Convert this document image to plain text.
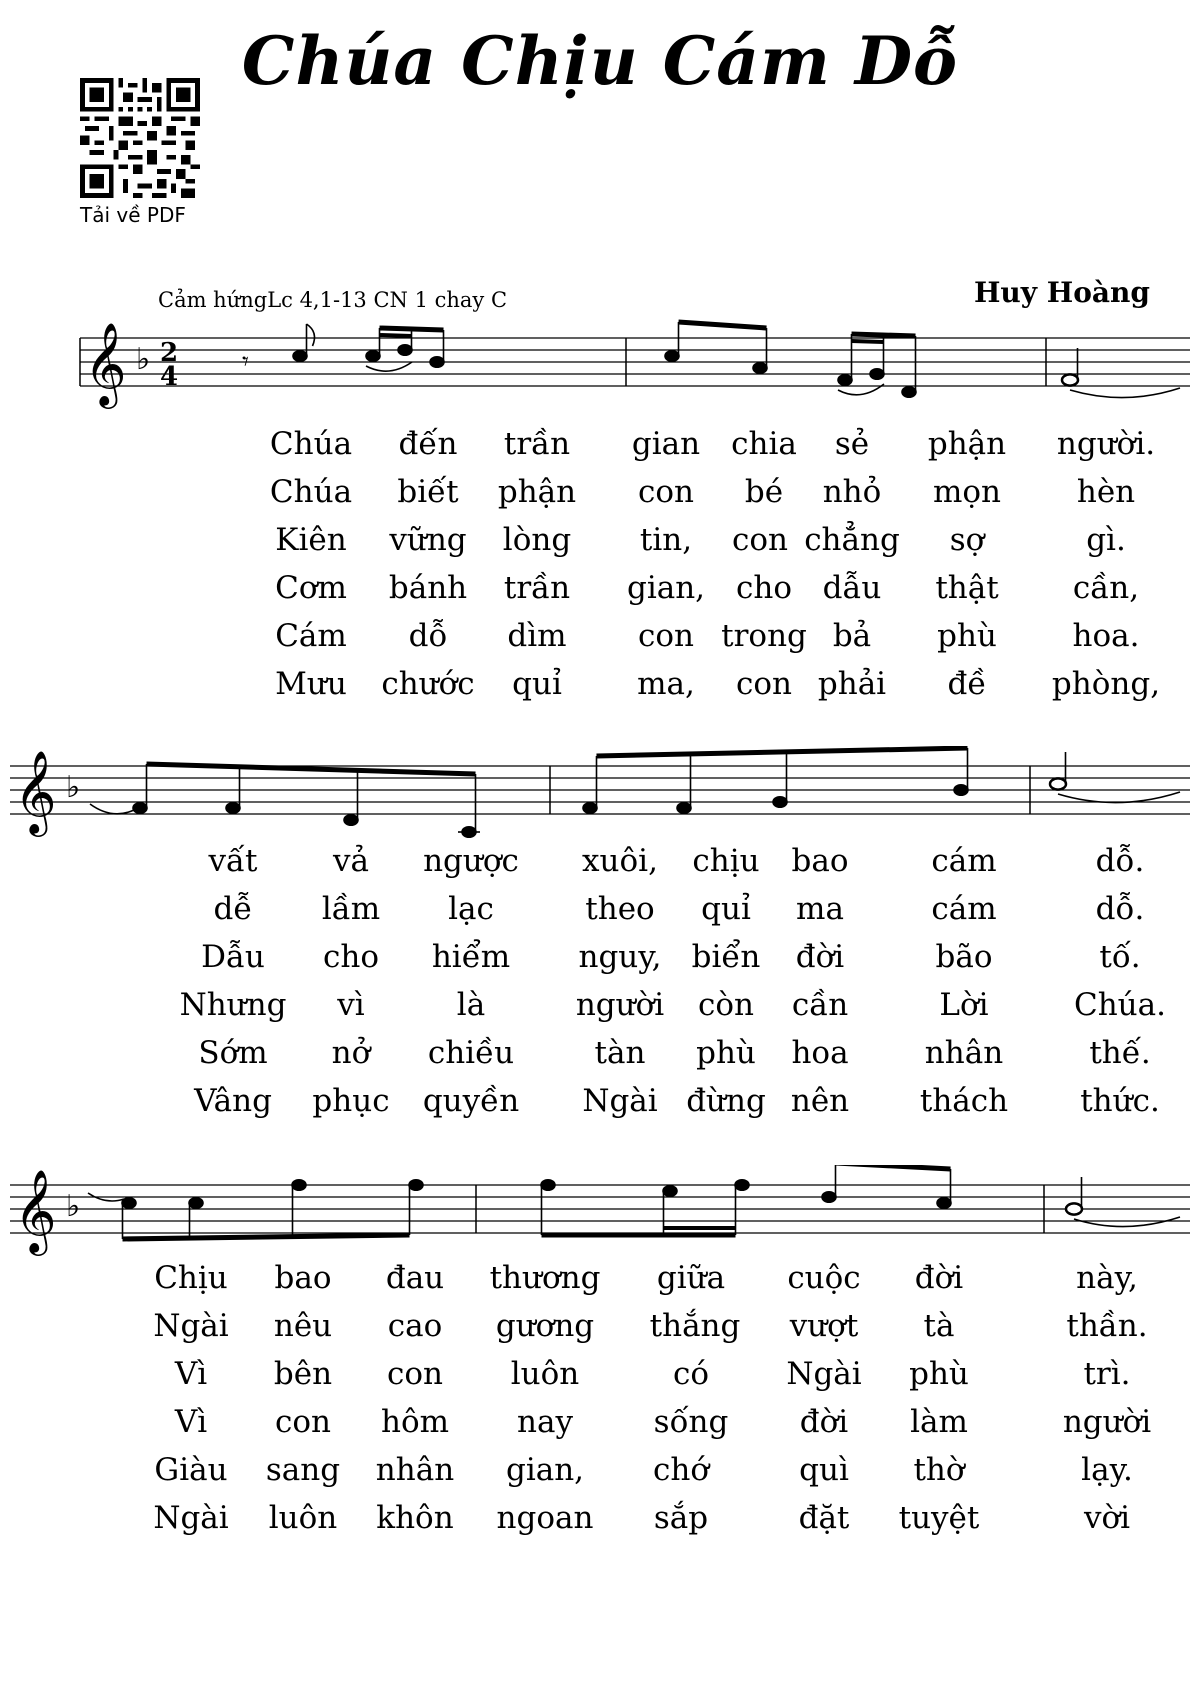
Chúa Chịu Cám Dỗ
Tải về PDF
Cảm hứngLc 4,1-13 CN 1 chay C	Huy Hoàng
𝄞 ♭ 2
4 𝄾
𝄞 ♭
𝄞 ♭
Chúa đến trần gian chia sẻ phận người.
Chúa biết phận con bé nhỏ mọn hèn
Kiên vững lòng tin, con chẳng sợ	gì.
Cơm bánh trần gian, cho dẫu thật cần,
Cám dỗ dìm con trong bả phù hoa.
Mưu chước quỉ ma, con phải đề phòng,
vất vả ngược xuôi, chịu bao	cám	dỗ.
dễ lầm lạc	theo quỉ ma	cám	dỗ.
Dẫu cho hiểm nguy, biển đời	bão	tố.
Nhưng vì	là	người còn cần	Lời	Chúa.
Sớm nở chiều	tàn phù hoa nhân	thế.
Vâng phục quyền Ngài đừng nên thách thức.
Chịu bao đau thương giữa cuộc đời	này,
Ngài nêu cao gương thắng vượt tà	thần.
Vì bên con luôn	có Ngài phù	trì.
Vì con hôm nay	sống đời làm	người
Giàu sang nhân gian, chớ	quì thờ	lạy.
Ngài luôn khôn ngoan sắp	đặt tuyệt	vời
